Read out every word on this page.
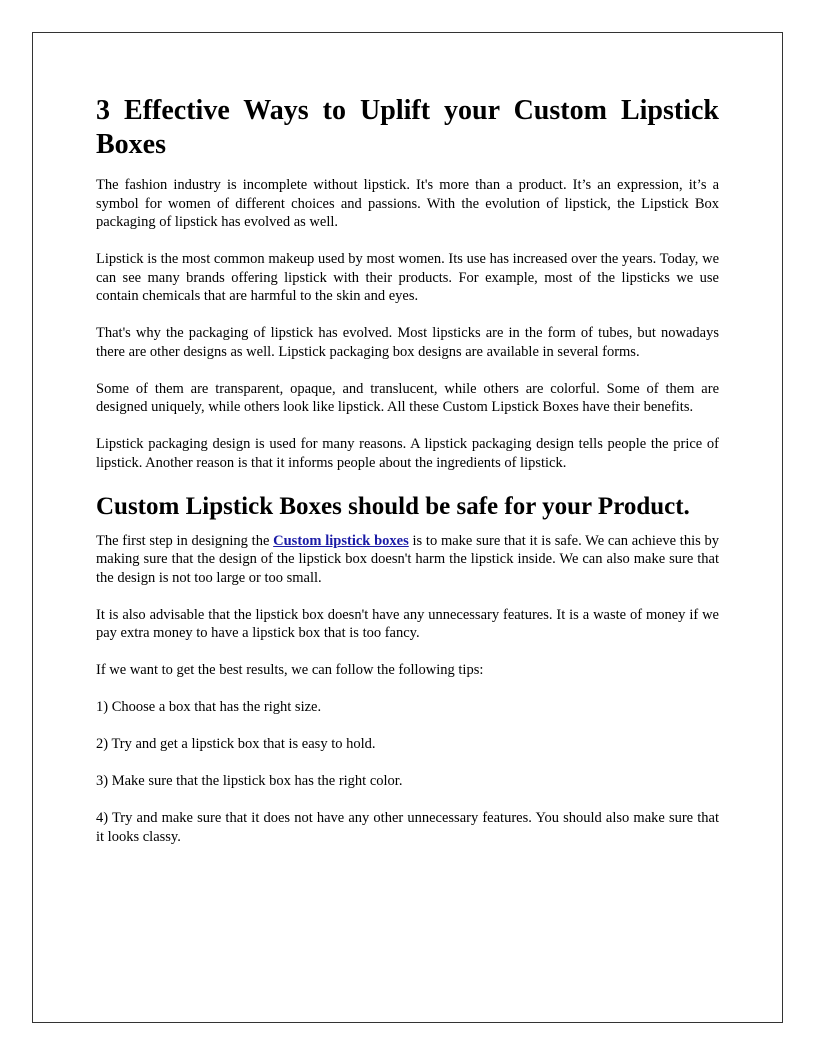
3 Effective Ways to Uplift your Custom Lipstick Boxes

The fashion industry is incomplete without lipstick. It's more than a product. It’s an expression, it’s a symbol for women of different choices and passions. With the evolution of lipstick, the Lipstick Box packaging of lipstick has evolved as well.

Lipstick is the most common makeup used by most women. Its use has increased over the years. Today, we can see many brands offering lipstick with their products. For example, most of the lipsticks we use contain chemicals that are harmful to the skin and eyes.

That's why the packaging of lipstick has evolved. Most lipsticks are in the form of tubes, but nowadays there are other designs as well. Lipstick packaging box designs are available in several forms.

Some of them are transparent, opaque, and translucent, while others are colorful. Some of them are designed uniquely, while others look like lipstick. All these Custom Lipstick Boxes have their benefits.

Lipstick packaging design is used for many reasons. A lipstick packaging design tells people the price of lipstick. Another reason is that it informs people about the ingredients of lipstick.

Custom Lipstick Boxes should be safe for your Product.

The first step in designing the Custom lipstick boxes is to make sure that it is safe. We can achieve this by making sure that the design of the lipstick box doesn't harm the lipstick inside. We can also make sure that the design is not too large or too small.

It is also advisable that the lipstick box doesn't have any unnecessary features. It is a waste of money if we pay extra money to have a lipstick box that is too fancy.

If we want to get the best results, we can follow the following tips:

1) Choose a box that has the right size.

2) Try and get a lipstick box that is easy to hold.

3) Make sure that the lipstick box has the right color.

4) Try and make sure that it does not have any other unnecessary features. You should also make sure that it looks classy.
